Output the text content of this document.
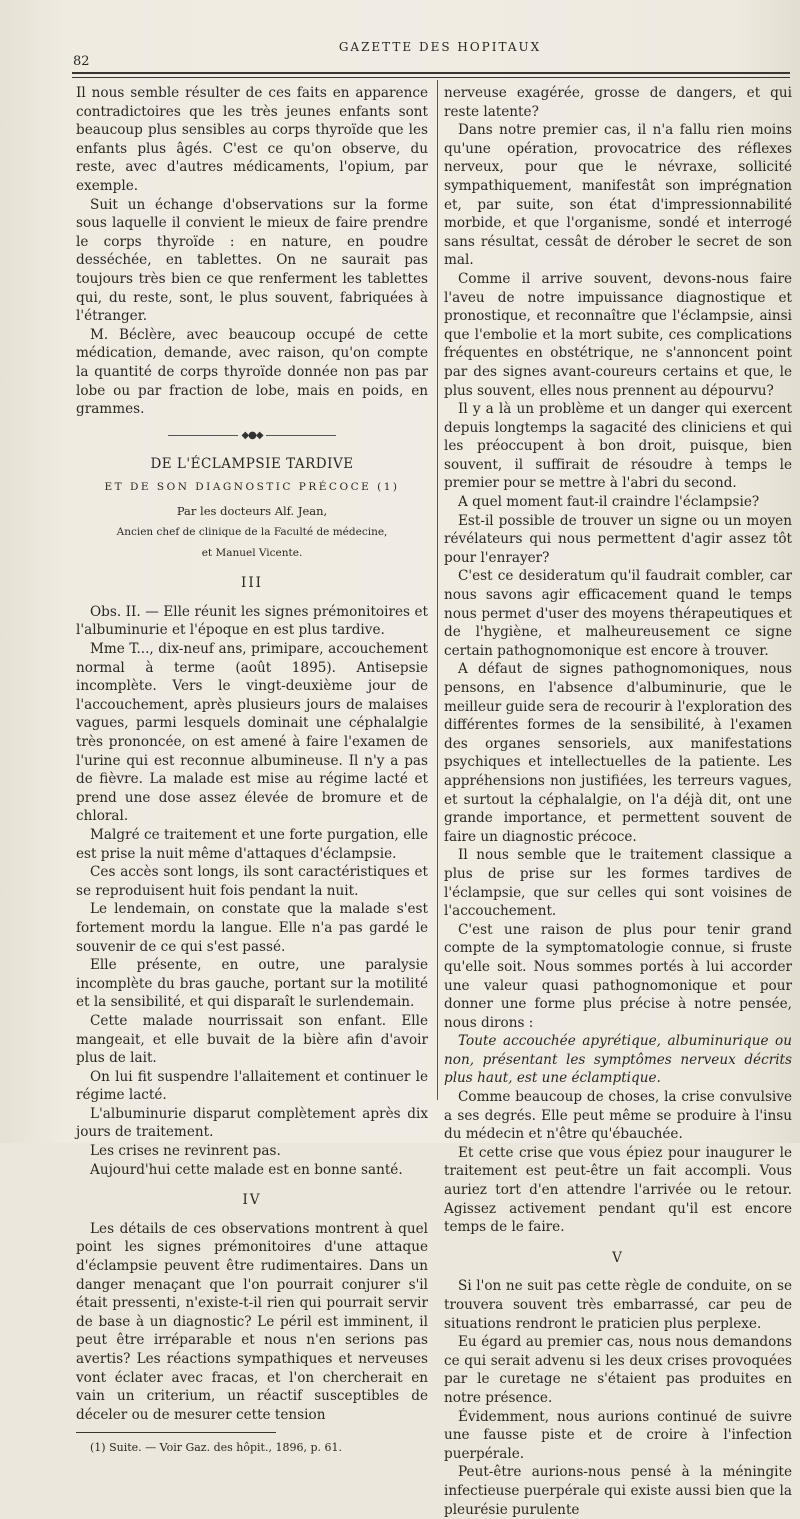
GAZETTE DES HOPITAUX
82

Il nous semble résulter de ces faits en apparence contradictoires que les très jeunes enfants sont beaucoup plus sensibles au corps thyroïde que les enfants plus âgés. C'est ce qu'on observe, du reste, avec d'autres médicaments, l'opium, par exemple.

Suit un échange d'observations sur la forme sous laquelle il convient le mieux de faire prendre le corps thyroïde : en nature, en poudre desséchée, en tablettes. On ne saurait pas toujours très bien ce que renferment les tablettes qui, du reste, sont, le plus souvent, fabriquées à l'étranger.

M. Béclère, avec beaucoup occupé de cette médication, demande, avec raison, qu'on compte la quantité de corps thyroïde donnée non pas par lobe ou par fraction de lobe, mais en poids, en grammes.

◆●◆
DE L'ÉCLAMPSIE TARDIVE
ET DE SON DIAGNOSTIC PRÉCOCE (1)
Par les docteurs Alf. Jean,
Ancien chef de clinique de la Faculté de médecine,
et Manuel Vicente.
III

Obs. II. — Elle réunit les signes prémonitoires et l'albuminurie et l'époque en est plus tardive.

Mme T..., dix-neuf ans, primipare, accouchement normal à terme (août 1895). Antisepsie incomplète. Vers le vingt-deuxième jour de l'accouchement, après plusieurs jours de malaises vagues, parmi lesquels dominait une céphalalgie très prononcée, on est amené à faire l'examen de l'urine qui est reconnue albumineuse. Il n'y a pas de fièvre. La malade est mise au régime lacté et prend une dose assez élevée de bromure et de chloral.

Malgré ce traitement et une forte purgation, elle est prise la nuit même d'attaques d'éclampsie.

Ces accès sont longs, ils sont caractéristiques et se reproduisent huit fois pendant la nuit.

Le lendemain, on constate que la malade s'est fortement mordu la langue. Elle n'a pas gardé le souvenir de ce qui s'est passé.

Elle présente, en outre, une paralysie incomplète du bras gauche, portant sur la motilité et la sensibilité, et qui disparaît le surlendemain.

Cette malade nourrissait son enfant. Elle mangeait, et elle buvait de la bière afin d'avoir plus de lait.

On lui fit suspendre l'allaitement et continuer le régime lacté.

L'albuminurie disparut complètement après dix jours de traitement.

Les crises ne revinrent pas.

Aujourd'hui cette malade est en bonne santé.

IV

Les détails de ces observations montrent à quel point les signes prémonitoires d'une attaque d'éclampsie peuvent être rudimentaires. Dans un danger menaçant que l'on pourrait conjurer s'il était pressenti, n'existe-t-il rien qui pourrait servir de base à un diagnostic? Le péril est imminent, il peut être irréparable et nous n'en serions pas avertis? Les réactions sympathiques et nerveuses vont éclater avec fracas, et l'on chercherait en vain un criterium, un réactif susceptibles de déceler ou de mesurer cette tension

(1) Suite. — Voir Gaz. des hôpit., 1896, p. 61.

nerveuse exagérée, grosse de dangers, et qui reste latente?

Dans notre premier cas, il n'a fallu rien moins qu'une opération, provocatrice des réflexes nerveux, pour que le névraxe, sollicité sympathiquement, manifestât son imprégnation et, par suite, son état d'impressionnabilité morbide, et que l'organisme, sondé et interrogé sans résultat, cessât de dérober le secret de son mal.

Comme il arrive souvent, devons-nous faire l'aveu de notre impuissance diagnostique et pronostique, et reconnaître que l'éclampsie, ainsi que l'embolie et la mort subite, ces complications fréquentes en obstétrique, ne s'annoncent point par des signes avant-coureurs certains et que, le plus souvent, elles nous prennent au dépourvu?

Il y a là un problème et un danger qui exercent depuis longtemps la sagacité des cliniciens et qui les préoccupent à bon droit, puisque, bien souvent, il suffirait de résoudre à temps le premier pour se mettre à l'abri du second.

A quel moment faut-il craindre l'éclampsie?

Est-il possible de trouver un signe ou un moyen révélateurs qui nous permettent d'agir assez tôt pour l'enrayer?

C'est ce desideratum qu'il faudrait combler, car nous savons agir efficacement quand le temps nous permet d'user des moyens thérapeutiques et de l'hygiène, et malheureusement ce signe certain pathognomonique est encore à trouver.

A défaut de signes pathognomoniques, nous pensons, en l'absence d'albuminurie, que le meilleur guide sera de recourir à l'exploration des différentes formes de la sensibilité, à l'examen des organes sensoriels, aux manifestations psychiques et intellectuelles de la patiente. Les appréhensions non justifiées, les terreurs vagues, et surtout la céphalalgie, on l'a déjà dit, ont une grande importance, et permettent souvent de faire un diagnostic précoce.

Il nous semble que le traitement classique a plus de prise sur les formes tardives de l'éclampsie, que sur celles qui sont voisines de l'accouchement.

C'est une raison de plus pour tenir grand compte de la symptomatologie connue, si fruste qu'elle soit. Nous sommes portés à lui accorder une valeur quasi pathognomonique et pour donner une forme plus précise à notre pensée, nous dirons :

Toute accouchée apyrétique, albuminurique ou non, présentant les symptômes nerveux décrits plus haut, est une éclamptique.

Comme beaucoup de choses, la crise convulsive a ses degrés. Elle peut même se produire à l'insu du médecin et n'être qu'ébauchée.

Et cette crise que vous épiez pour inaugurer le traitement est peut-être un fait accompli. Vous auriez tort d'en attendre l'arrivée ou le retour. Agissez activement pendant qu'il est encore temps de le faire.

V

Si l'on ne suit pas cette règle de conduite, on se trouvera souvent très embarrassé, car peu de situations rendront le praticien plus perplexe.

Eu égard au premier cas, nous nous demandons ce qui serait advenu si les deux crises provoquées par le curetage ne s'étaient pas produites en notre présence.

Évidemment, nous aurions continué de suivre une fausse piste et de croire à l'infection puerpérale.

Peut-être aurions-nous pensé à la méningite infectieuse puerpérale qui existe aussi bien que la pleurésie purulente
